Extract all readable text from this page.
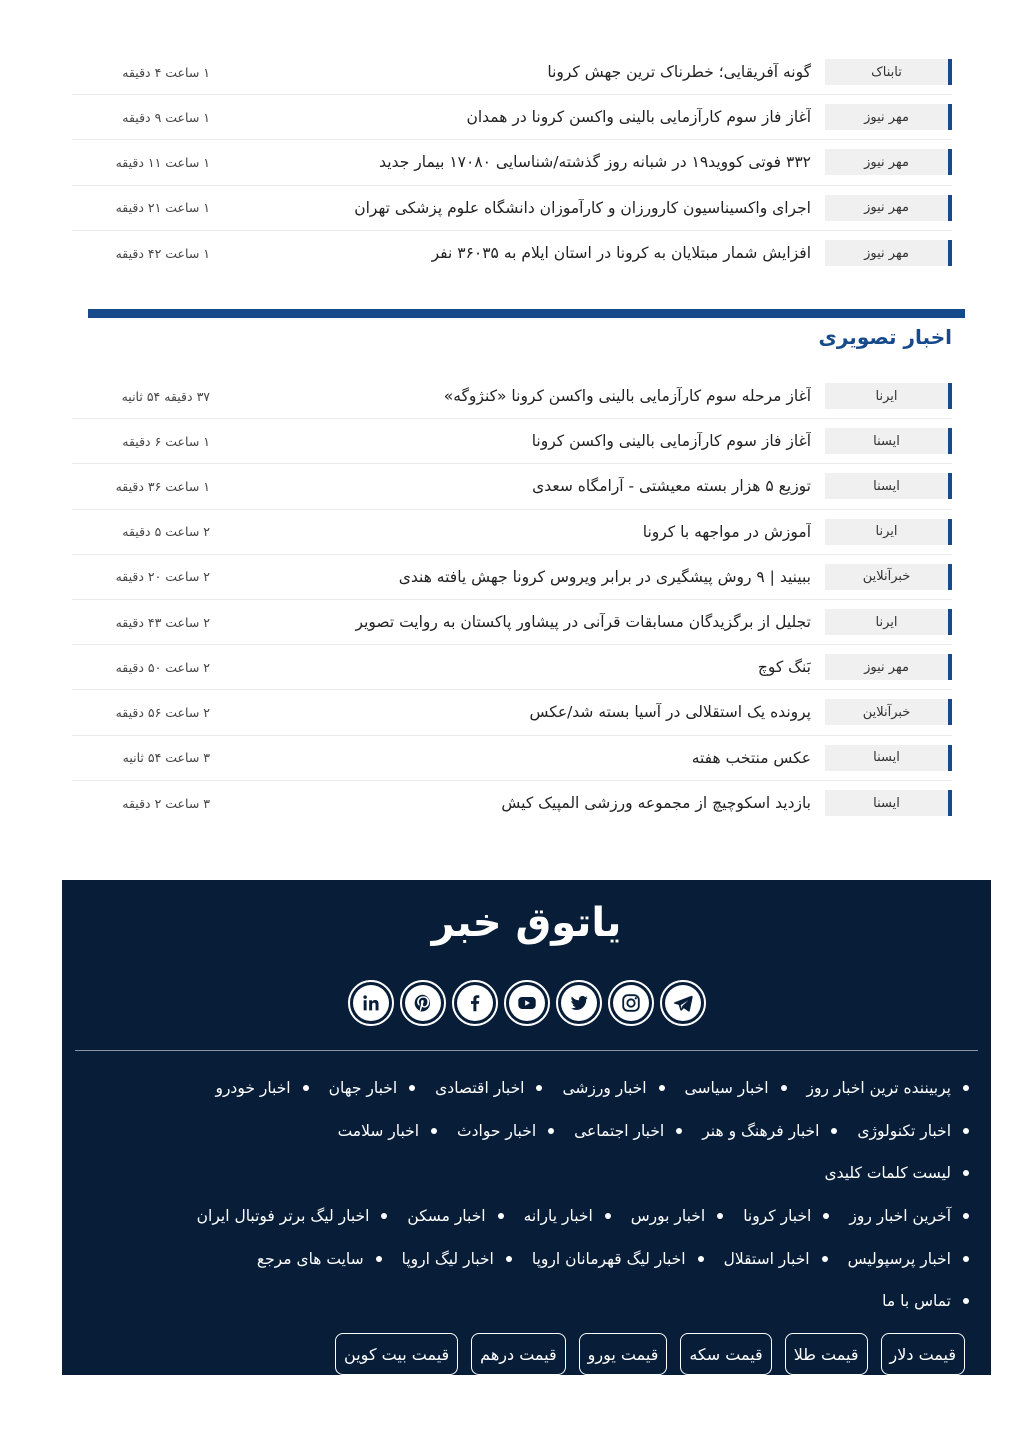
تابناک
گونه آفریقایی؛ خطرناک ترین جهش کرونا
۱ ساعت ۴ دقیقه
مهر نیوز
آغاز فاز سوم کارآزمایی بالینی واکسن کرونا در همدان
۱ ساعت ۹ دقیقه
مهر نیوز
۳۳۲ فوتی کووید۱۹ در شبانه روز گذشته/شناسایی ۱۷۰۸۰ بیمار جدید
۱ ساعت ۱۱ دقیقه
مهر نیوز
اجرای واکسیناسیون کارورزان و کارآموزان دانشگاه علوم پزشکی تهران
۱ ساعت ۲۱ دقیقه
مهر نیوز
افزایش شمار مبتلایان به کرونا در استان ایلام به ۳۶۰۳۵ نفر
۱ ساعت ۴۲ دقیقه
اخبار تصویری
ایرنا
آغاز مرحله سوم کارآزمایی بالینی واکسن کرونا «کنژوگه»
۳۷ دقیقه ۵۴ ثانیه
ایسنا
آغاز فاز سوم کارآزمایی بالینی واکسن کرونا
۱ ساعت ۶ دقیقه
ایسنا
توزیع ۵ هزار بسته معیشتی - آرامگاه سعدی
۱ ساعت ۳۶ دقیقه
ایرنا
آموزش در مواجهه با کرونا
۲ ساعت ۵ دقیقه
خبرآنلاین
ببینید | ۹ روش پیشگیری در برابر ویروس کرونا جهش یافته هندی
۲ ساعت ۲۰ دقیقه
ایرنا
تجلیل از برگزیدگان مسابقات قرآنی در پیشاور پاکستان به روایت تصویر
۲ ساعت ۴۳ دقیقه
مهر نیوز
بَنگ کوچ
۲ ساعت ۵۰ دقیقه
خبرآنلاین
پرونده یک استقلالی در آسیا بسته شد/عکس
۲ ساعت ۵۶ دقیقه
ایسنا
عکس منتخب هفته
۳ ساعت ۵۴ ثانیه
ایسنا
بازدید اسکوچیچ از مجموعه ورزشی المپیک کیش
۳ ساعت ۲ دقیقه
یاتوق خبر
پربیننده ترین اخبار روز
اخبار سیاسی
اخبار ورزشی
اخبار اقتصادی
اخبار جهان
اخبار خودرو
اخبار تکنولوژی
اخبار فرهنگ و هنر
اخبار اجتماعی
اخبار حوادث
اخبار سلامت
لیست کلمات کلیدی
آخرین اخبار روز
اخبار کرونا
اخبار بورس
اخبار یارانه
اخبار مسکن
اخبار لیگ برتر فوتبال ایران
اخبار پرسپولیس
اخبار استقلال
اخبار لیگ قهرمانان اروپا
اخبار لیگ اروپا
سایت های مرجع
تماس با ما
قیمت دلار
قیمت طلا
قیمت سکه
قیمت یورو
قیمت درهم
قیمت بیت کوین
